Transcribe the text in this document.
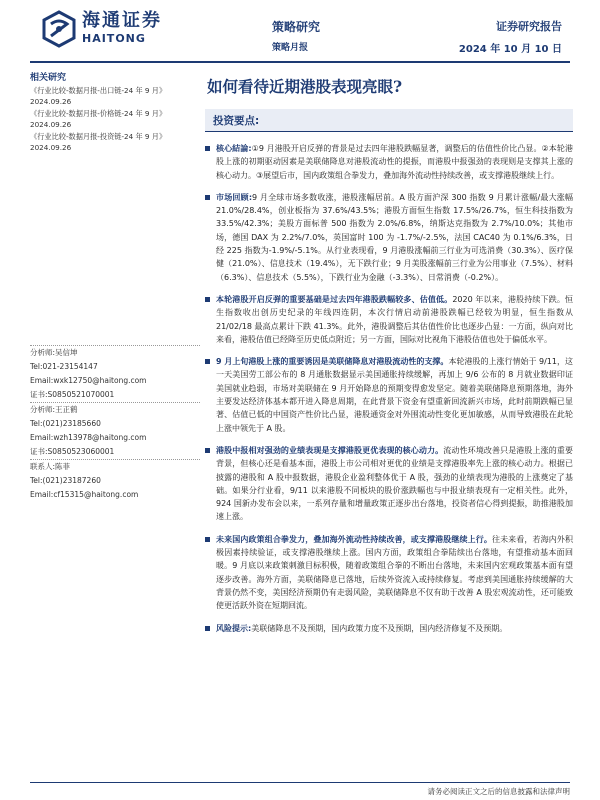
海通证券
HAITONG
策略研究
策略月报
证券研究报告
2024 年 10 月 10 日
相关研究
《行业比较-数据月报-出口链-24 年 9 月》
2024.09.26
《行业比较-数据月报-价格链-24 年 9 月》
2024.09.26
《行业比较-数据月报-投资链-24 年 9 月》
2024.09.26
分析师:吴信坤
Tel:021-23154147
Email:wxk12750@haitong.com
证书:S0850521070001
分析师:王正鹤
Tel:(021)23185660
Email:wzh13978@haitong.com
证书:S0850523060001
联系人:陈菲
Tel:(021)23187260
Email:cf15315@haitong.com
如何看待近期港股表现亮眼?
投资要点:
核心結論:①9 月港股开启反弹的背景是过去四年港股跌幅显著，调整后的估值性价比凸显。②本轮港股上涨的初期驱动因素是美联储降息对港股流动性的提振，而港股中报强劲的表现则是支撑其上涨的核心动力。③展望后市，国内政策组合拳发力，叠加海外流动性持续改善，或支撑港股继续上行。
市场回顾:9 月全球市场多数收涨，港股涨幅居前。A 股方面沪深 300 指数 9 月累计涨幅/最大涨幅 21.0%/28.4%，创业板指为 37.6%/43.5%；港股方面恒生指数 17.5%/26.7%，恒生科技指数为 33.5%/42.3%；美股方面标普 500 指数为 2.0%/6.8%，纳斯达克指数为 2.7%/10.0%；其他市场，德国 DAX 为 2.2%/7.0%，英国富时 100 为 -1.7%/-2.5%，法国 CAC40 为 0.1%/6.3%，日经 225 指数为-1.9%/-5.1%。从行业表现看，9 月港股涨幅前三行业为可选消费（30.3%）、医疗保健（21.0%）、信息技术（19.4%），无下跌行业；9 月美股涨幅前三行业为公用事业（7.5%）、材料（6.3%）、信息技术（5.5%），下跌行业为金融（-3.3%）、日常消费（-0.2%）。
本轮港股开启反弹的重要基础是过去四年港股跌幅较多、估值低。2020 年以来，港股持续下跌。恒生指数收出创历史纪录的年线四连阴，本次行情启动前港股跌幅已经较为明显，恒生指数从 21/02/18 最高点累计下跌 41.3%。此外，港股调整后其估值性价比也逐步凸显：一方面，纵向对比来看，港股估值已经降至历史低点附近；另一方面，国际对比视角下港股估值也处于偏低水平。
9 月上旬港股上涨的重要诱因是美联储降息对港股流动性的支撑。本轮港股的上涨行情始于 9/11，这一天美国劳工部公布的 8 月通胀数据显示美国通胀持续缓解，再加上 9/6 公布的 8 月就业数据印证美国就业趋弱，市场对美联储在 9 月开始降息的预期变得愈发坚定。随着美联储降息预期落地，海外主要发达经济体基本都开进入降息周期，在此背景下资金有望重新回流新兴市场，此时前期跌幅已显著、估值已低的中国资产性价比凸显，港股通资金对外围流动性变化更加敏感，从而导致港股在此轮上涨中领先于 A 股。
港股中报相对强劲的业绩表现是支撑港股更优表现的核心动力。流动性环境改善只是港股上涨的重要背景，但核心还是看基本面，港股上市公司相对更优的业绩是支撑港股率先上涨的核心动力。根据已披露的港股和 A 股中报数据，港股企业盈利整体优于 A 股，强劲的业绩表现为港股的上涨奠定了基础。如果分行业看，9/11 以来港股不同板块的股价涨跌幅也与中报业绩表现有一定相关性。此外，924 国新办发布会以来，一系列存量和增量政策正逐步出台落地，投资者信心得到提振，助推港股加速上涨。
未来国内政策组合拳发力，叠加海外流动性持续改善，或支撑港股继续上行。往未来看，若海内外积极因素持续验证，或支撑港股继续上涨。国内方面，政策组合拳陆续出台落地，有望推动基本面回暖。9 月底以来政策刺激目标积极，随着政策组合拳的不断出台落地，未来国内宏观政策基本面有望逐步改善。海外方面，美联储降息已落地，后续外资流入或持续修复。考虑到美国通胀持续缓解的大背景仍然不变，美国经济预期仍有走弱风险，美联储降息不仅有助于改善 A 股宏观流动性，还可能致使更活跃外资在短期回流。
风险提示:美联储降息不及预期，国内政策力度不及预期，国内经济修复不及预期。
请务必阅读正文之后的信息披露和法律声明
